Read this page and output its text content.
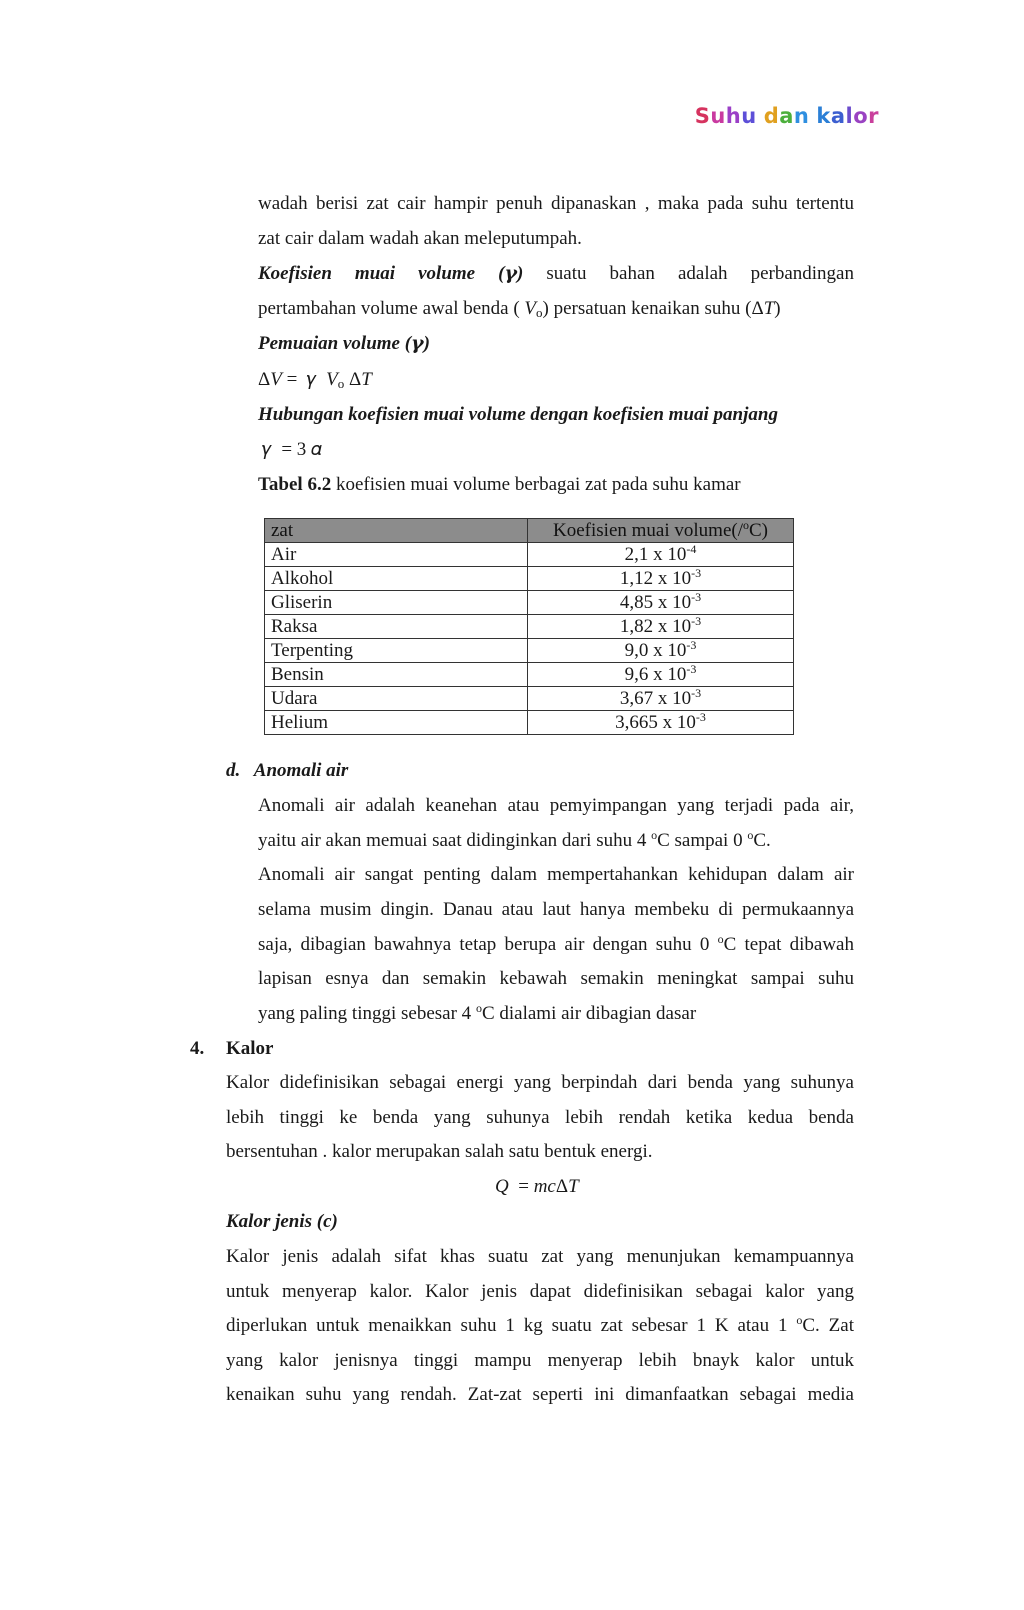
Suhu dan kalor
wadah berisi zat cair hampir penuh dipanaskan , maka pada suhu tertentu
zat cair dalam wadah akan meleputumpah.
Koefisien muai volume (𝜸) suatu bahan adalah perbandingan
pertambahan volume awal benda ( $V_o$) persatuan kenaikan suhu (ΔT)
Pemuaian volume (𝜸)
ΔV =  𝛾  $V_o$ ΔT
Hubungan koefisien muai volume dengan koefisien muai panjang
𝛾  = 3 𝛼
Tabel 6.2 koefisien muai volume berbagai zat pada suhu kamar
zat	Koefisien muai volume(/$^o$C)
Air	2,1 x $10^{-4}$
Alkohol	1,12 x $10^{-3}$
Gliserin	4,85 x $10^{-3}$
Raksa	1,82 x $10^{-3}$
Terpenting	9,0 x $10^{-3}$
Bensin	9,6 x $10^{-3}$
Udara	3,67 x $10^{-3}$
Helium	3,665 x $10^{-3}$
d.   Anomali air
Anomali air adalah keanehan atau pemyimpangan yang terjadi pada air,
yaitu air akan memuai saat didinginkan dari suhu 4 $^o$C sampai 0 $^o$C.
Anomali air sangat penting dalam mempertahankan kehidupan dalam air
selama musim dingin. Danau atau laut hanya membeku di permukaannya
saja, dibagian bawahnya tetap berupa air dengan suhu 0 $^o$C tepat dibawah
lapisan esnya dan semakin kebawah semakin meningkat sampai suhu
yang paling tinggi sebesar 4 $^o$C dialami air dibagian dasar
4. Kalor
Kalor didefinisikan sebagai energi yang berpindah dari benda yang suhunya
lebih tinggi ke benda yang suhunya lebih rendah ketika kedua benda
bersentuhan . kalor merupakan salah satu bentuk energi.
Q  = mcΔT
Kalor jenis (c)
Kalor jenis adalah sifat khas suatu zat yang menunjukan kemampuannya
untuk menyerap kalor. Kalor jenis dapat didefinisikan sebagai kalor yang
diperlukan untuk menaikkan suhu 1 kg suatu zat sebesar 1 K atau 1 $^o$C. Zat
yang kalor jenisnya tinggi mampu menyerap lebih bnayk kalor untuk
kenaikan suhu yang rendah. Zat-zat seperti ini dimanfaatkan sebagai media
